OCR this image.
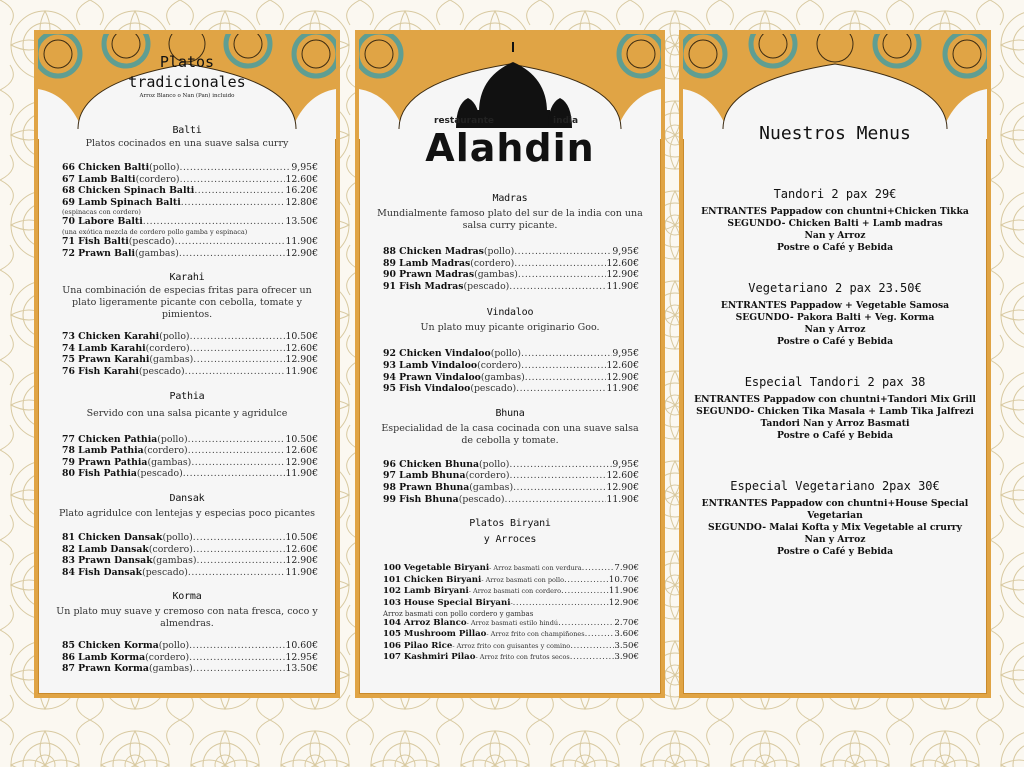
Platos
tradicionales
Arroz Blanco o Nan (Pan) incluido
Balti
Platos cocinados en una suave salsa curry
66 Chicken Balti (pollo) .....	9,95€
67 Lamb Balti (cordero) .....	12.60€
68 Chicken Spinach Balti .....	16.20€
69 Lamb Spinach Balti .....	12.80€
(espinacas con cordero)
70 Labore Balti .....	13.50€
(una exótica mezcla de cordero pollo gamba y espinaca)
71 Fish Balti (pescado) .....	11.90€
72 Prawn Bali (gambas) .....	12.90€
Karahi
Una combinación de especias fritas para ofrecer un plato ligeramente picante con cebolla, tomate y pimientos.
73 Chicken Karahi (pollo) .....	10.50€
74 Lamb Karahi (cordero) .....	12.60€
75 Prawn Karahi (gambas) .....	12.90€
76 Fish Karahi (pescado) .....	11.90€
Pathia
Servido con una salsa picante y agridulce
77 Chicken Pathia (pollo) .....	10.50€
78 Lamb Pathia (cordero) .....	12.60€
79 Prawn Pathia (gambas) .....	12.90€
80 Fish Pathia (pescado) .....	11.90€
Dansak
Plato agridulce con lentejas y especias poco picantes
81 Chicken Dansak (pollo) .....	10.50€
82 Lamb Dansak (cordero) .....	12.60€
83 Prawn Dansak (gambas) .....	12.90€
84 Fish Dansak (pescado) .....	11.90€
Korma
Un plato muy suave y cremoso con nata fresca, coco y almendras.
85 Chicken Korma (pollo) .....	10.60€
86 Lamb Korma (cordero) .....	12.95€
87 Prawn Korma (gambas) .....	13.50€
restaurante	india
Alahdin
Madras
Mundialmente famoso plato del sur de la india con una salsa curry picante.
88 Chicken Madras (pollo) .....	9,95€
89 Lamb Madras (cordero) .....	12.60€
90 Prawn Madras (gambas) .....	12.90€
91 Fish Madras (pescado) .....	11.90€
Vindaloo
Un plato muy picante originario Goo.
92 Chicken Vindaloo (pollo) .....	9,95€
93 Lamb Vindaloo (cordero) .....	12.60€
94 Prawn Vindaloo (gambas) .....	12.90€
95 Fish Vindaloo (pescado) .....	11.90€
Bhuna
Especialidad de la casa cocinada con una suave salsa de cebolla y tomate.
96 Chicken Bhuna (pollo) .....	9,95€
97 Lamb Bhuna (cordero) .....	12.60€
98 Prawn Bhuna (gambas) .....	12.90€
99 Fish Bhuna (pescado) .....	11.90€
Platos Biryani
y Arroces
100 Vegetable Biryani - Arroz basmati con verdura .....	7.90€
101 Chicken Biryani - Arroz basmati con pollo .....	10.70€
102 Lamb Biryani - Arroz basmati con cordero .....	11.90€
103 House Special Biryani - .....	12.90€
Arroz basmati con pollo cordero y gambas
104 Arroz Blanco - Arroz basmati estilo hindú .....	2.70€
105 Mushroom Pillao - Arroz frito con champiñones .....	3.60€
106 Pilao Rice - Arroz frito con guisantes y comino .....	3.50€
107 Kashmiri Pilao - Arroz frito con frutos secos .....	3.90€
Nuestros Menus
Tandori 2 pax 29€
ENTRANTES Pappadow con chuntni+Chicken Tikka
SEGUNDO- Chicken Balti + Lamb madras
Nan y Arroz
Postre o Café y Bebida
Vegetariano 2 pax 23.50€
ENTRANTES Pappadow + Vegetable Samosa
SEGUNDO- Pakora Balti + Veg. Korma
Nan y Arroz
Postre o Café y Bebida
Especial Tandori 2 pax 38
ENTRANTES Pappadow con chuntni+Tandori Mix Grill
SEGUNDO- Chicken Tika Masala + Lamb Tika Jalfrezi
Tandori Nan y Arroz Basmati
Postre o Café y Bebida
Especial Vegetariano 2pax 30€
ENTRANTES Pappadow con chuntni+House Special Vegetarian
SEGUNDO- Malai Kofta y Mix Vegetable al crurry
Nan y Arroz
Postre o Café y Bebida
